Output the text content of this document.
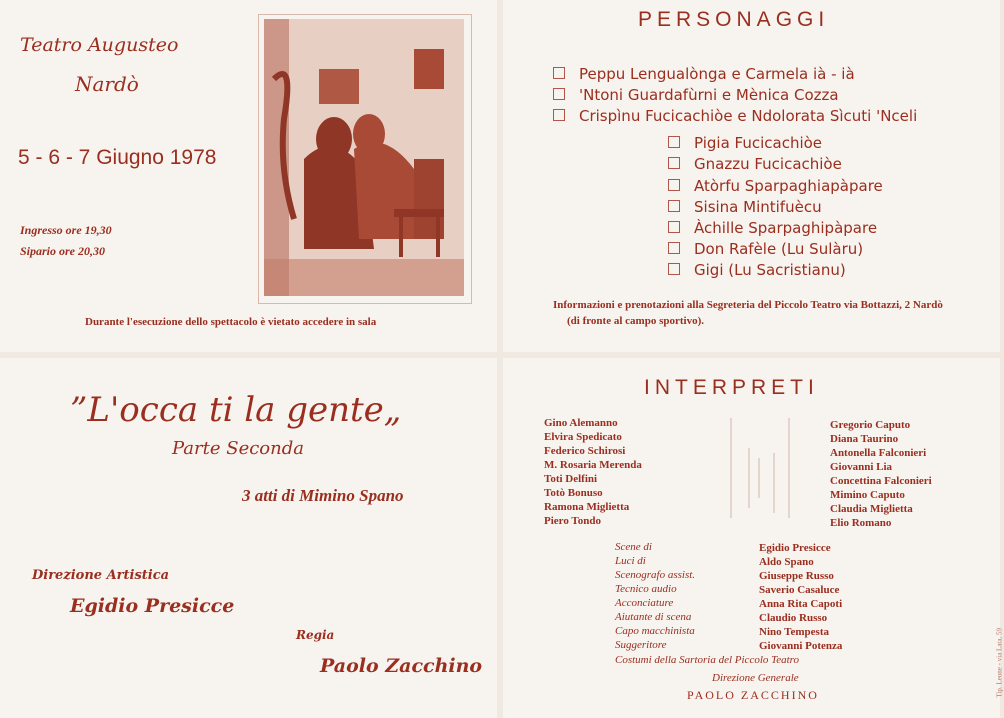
Teatro Augusteo
Nardò
5 - 6 - 7 Giugno 1978
Ingresso ore 19,30
Sipario ore 20,30
Durante l'esecuzione dello spettacolo è vietato accedere in sala
PERSONAGGI
Peppu Lengualònga e Carmela ià - ià
'Ntoni Guardafùrni e Mènica Cozza
Crispìnu Fucicachiòe e Ndolorata Sìcuti 'Nceli
Pigia Fucicachiòe
Gnazzu Fucicachiòe
Atòrfu Sparpaghiapàpare
Sisina Mintifuècu
Àchille Sparpaghipàpare
Don Rafèle (Lu Sulàru)
Gigi (Lu Sacristianu)
Informazioni e prenotazioni alla Segreteria del Piccolo Teatro via Bottazzi, 2 Nardò
(di fronte al campo sportivo).
”L'occa ti la gente„
Parte Seconda
3 atti di Mimino Spano
Direzione Artistica
Egidio Presicce
Regia
Paolo Zacchino
INTERPRETI
Gino Alemanno
Elvira Spedicato
Federico Schirosi
M. Rosaria Merenda
Toti Delfini
Totò Bonuso
Ramona Miglietta
Piero Tondo
Gregorio Caputo
Diana Taurino
Antonella Falconieri
Giovanni Lia
Concettina Falconieri
Mimino Caputo
Claudia Miglietta
Elio Romano
Scene di	Egidio Presicce
Luci di	Aldo Spano
Scenografo assist.	Giuseppe Russo
Tecnico audio	Saverio Casaluce
Acconciature	Anna Rita Capoti
Aiutante di scena	Claudio Russo
Capo macchinista	Nino Tempesta
Suggeritore	Giovanni Potenza
Costumi della Sartoria del Piccolo Teatro
Direzione Generale
PAOLO ZACCHINO	Tip. Leone - via Lata, 59
